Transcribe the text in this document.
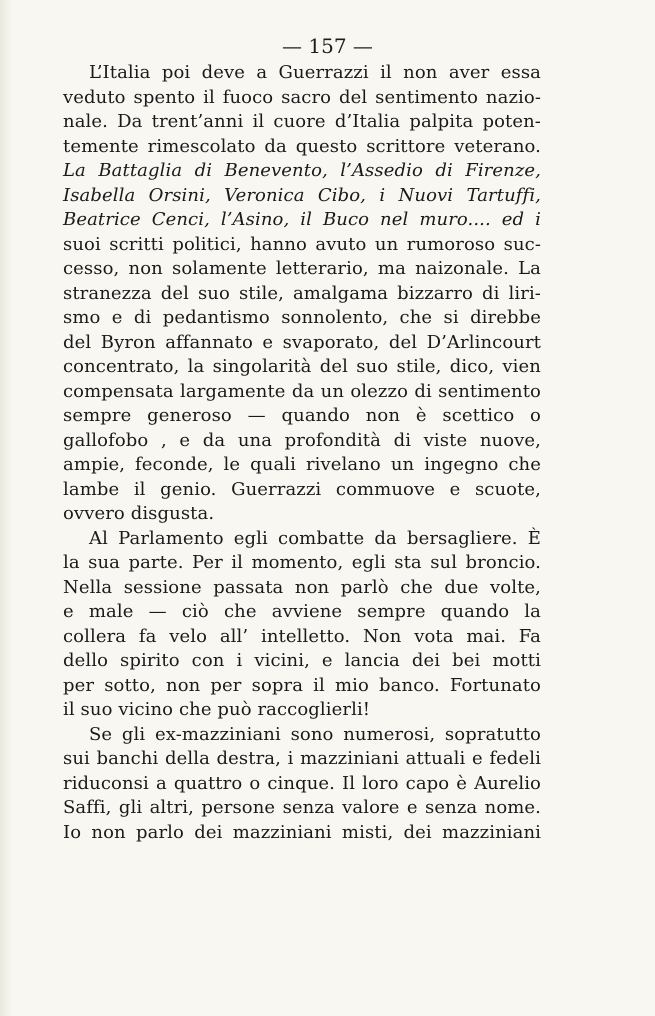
— 157 —
L’Italia poi deve a Guerrazzi il non aver essa
veduto spento il fuoco sacro del sentimento nazio-
nale. Da trent’anni il cuore d’Italia palpita poten-
temente rimescolato da questo scrittore veterano.
La Battaglia di Benevento, l’Assedio di Firenze,
Isabella Orsini, Veronica Cibo, i Nuovi Tartuffi,
Beatrice Cenci, l’Asino, il Buco nel muro.... ed i
suoi scritti politici, hanno avuto un rumoroso suc-
cesso, non solamente letterario, ma naizonale. La
stranezza del suo stile, amalgama bizzarro di liri-
smo e di pedantismo sonnolento, che si direbbe
del Byron affannato e svaporato, del D’Arlincourt
concentrato, la singolarità del suo stile, dico, vien
compensata largamente da un olezzo di sentimento
sempre generoso — quando non è scettico o
gallofobo , e da una profondità di viste nuove,
ampie, feconde, le quali rivelano un ingegno che
lambe il genio. Guerrazzi commuove e scuote,
ovvero disgusta.
Al Parlamento egli combatte da bersagliere. È
la sua parte. Per il momento, egli sta sul broncio.
Nella sessione passata non parlò che due volte,
e male — ciò che avviene sempre quando la
collera fa velo all’ intelletto. Non vota mai. Fa
dello spirito con i vicini, e lancia dei bei motti
per sotto, non per sopra il mio banco. Fortunato
il suo vicino che può raccoglierli!
Se gli ex-mazziniani sono numerosi, sopratutto
sui banchi della destra, i mazziniani attuali e fedeli
riduconsi a quattro o cinque. Il loro capo è Aurelio
Saffi, gli altri, persone senza valore e senza nome.
Io non parlo dei mazziniani misti, dei mazziniani
